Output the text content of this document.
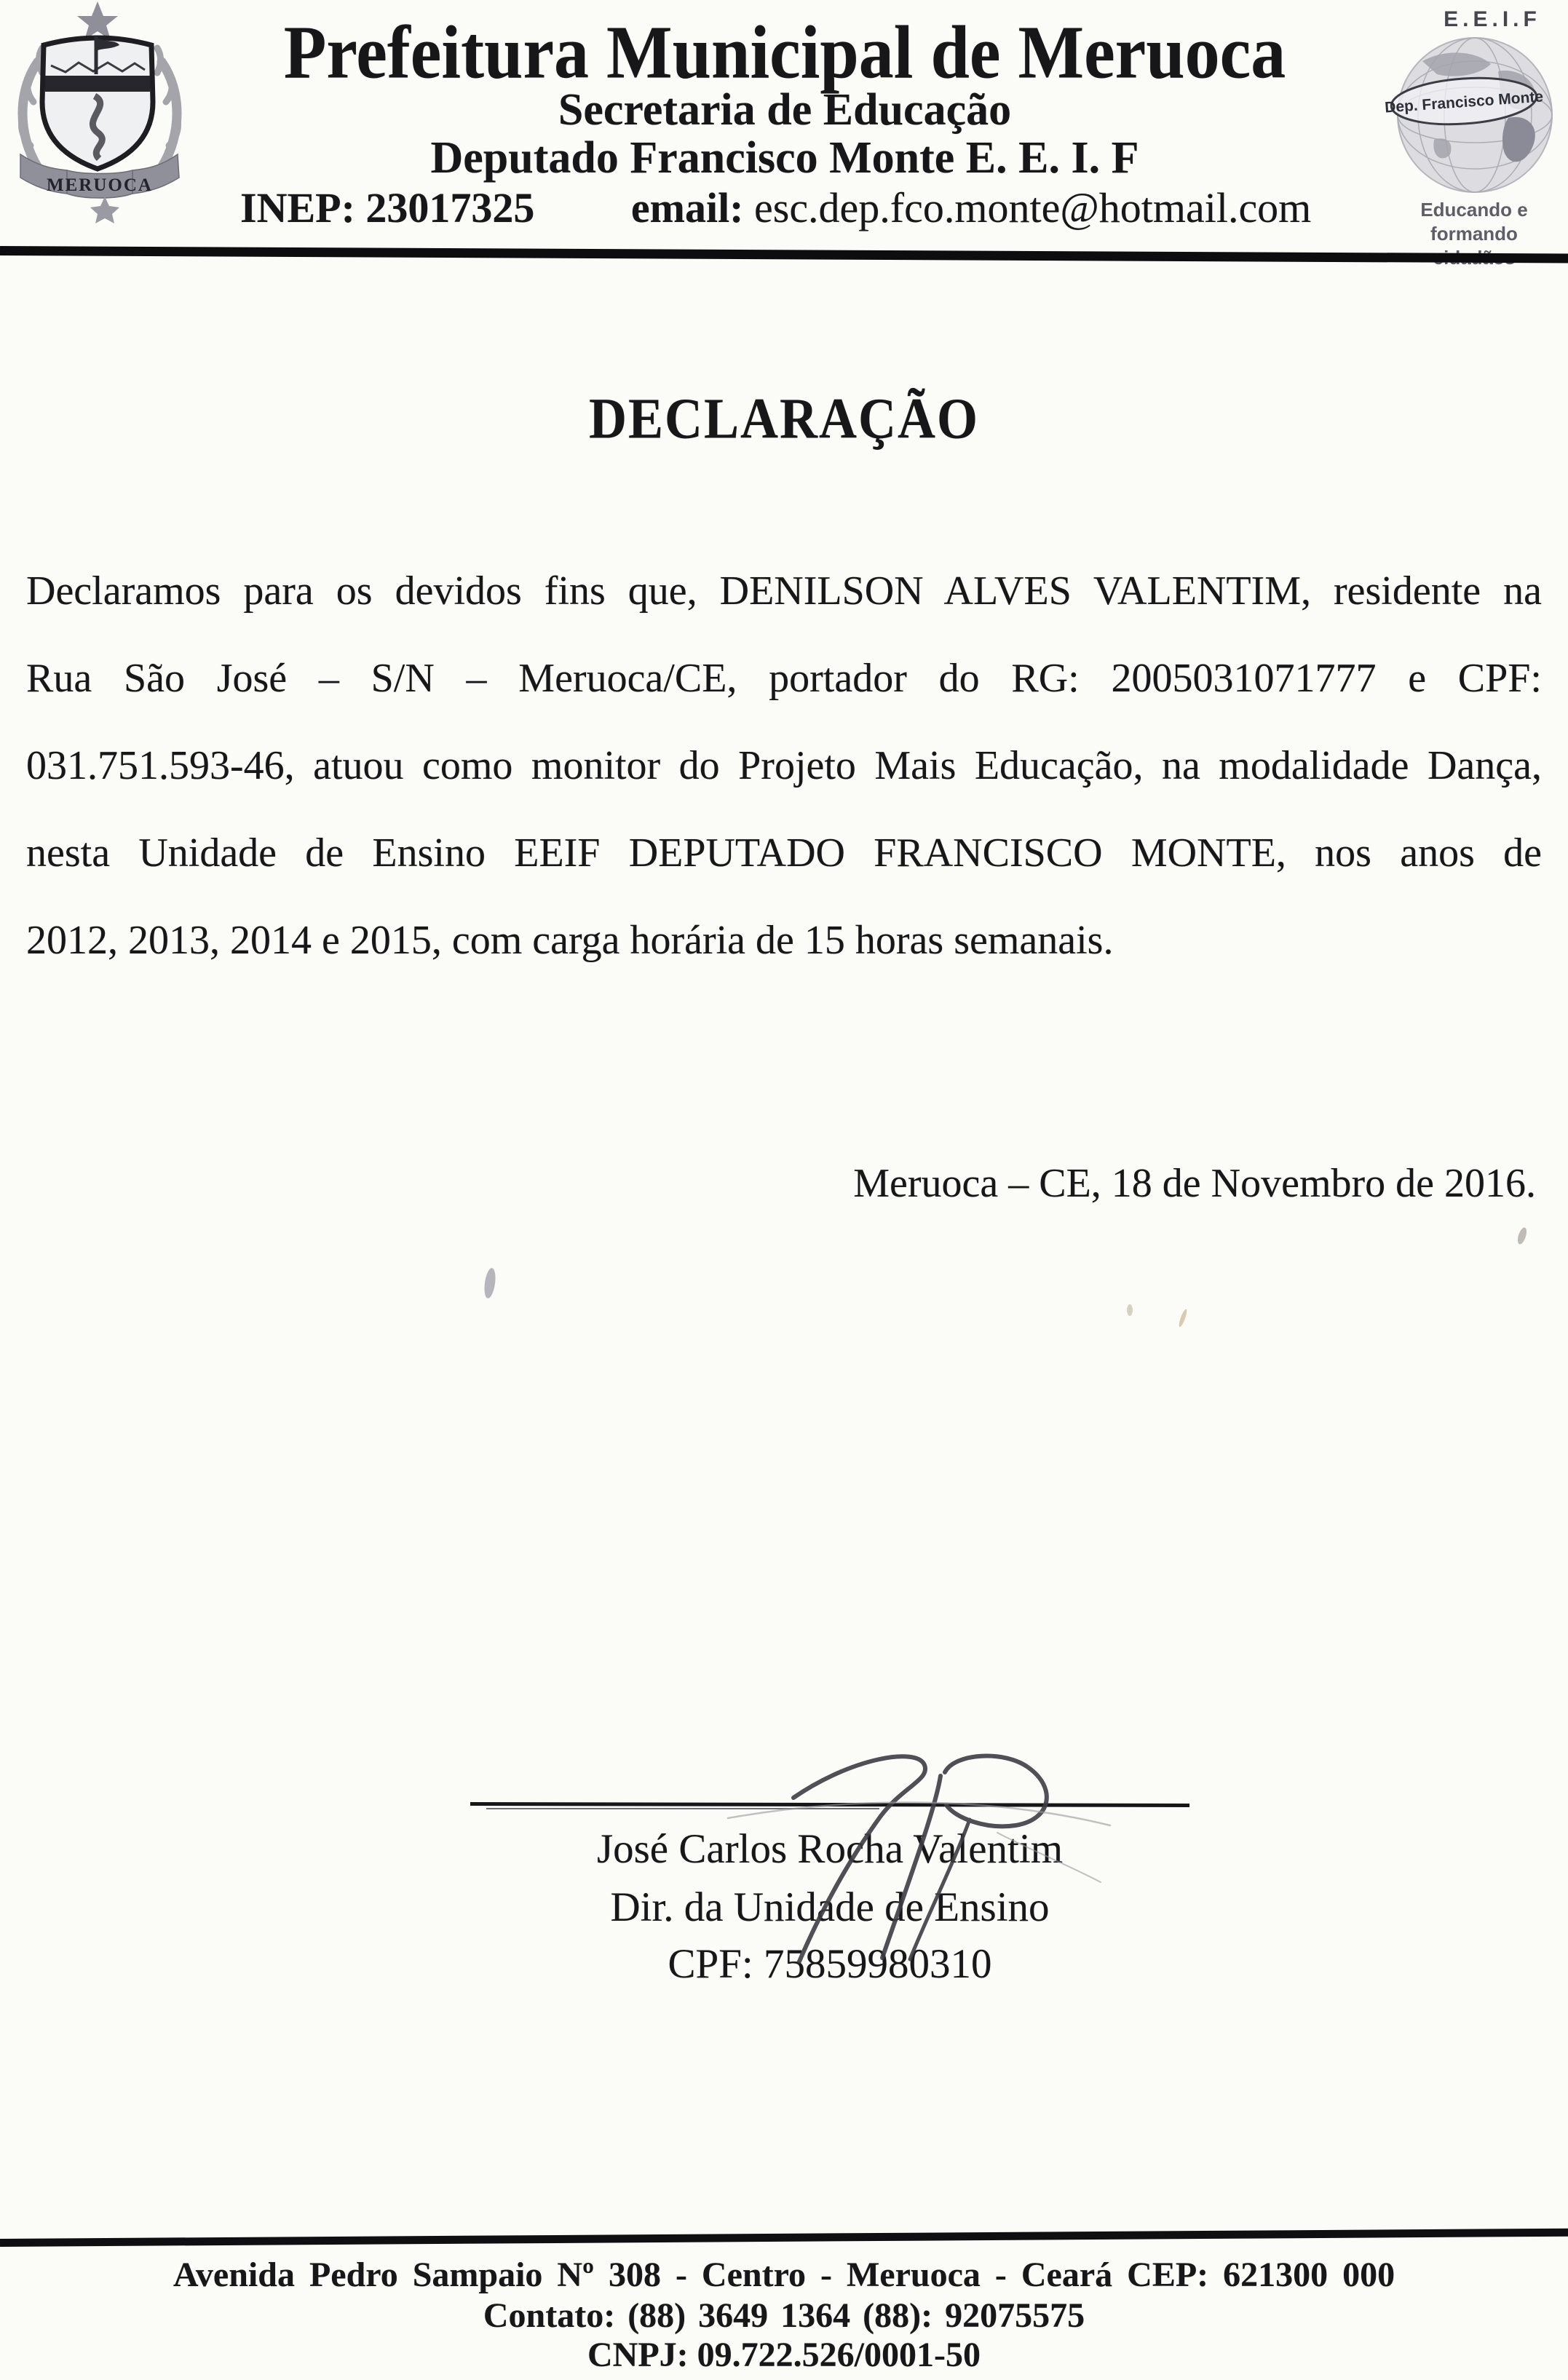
MERUOCA
Prefeitura Municipal de Meruoca
Secretaria de Educação
Deputado Francisco Monte E. E. I. F
INEP: 23017325 email: esc.dep.fco.monte@hotmail.com
E.E.I.F
Dep. Francisco Monte
Educando e formando
DECLARAÇÃO
Declaramos para os devidos fins que, DENILSON ALVES VALENTIM, residente na
Rua São José – S/N – Meruoca/CE, portador do RG: 2005031071777 e CPF:
031.751.593-46, atuou como monitor do Projeto Mais Educação, na modalidade Dança,
nesta Unidade de Ensino EEIF DEPUTADO FRANCISCO MONTE, nos anos de
2012, 2013, 2014 e 2015, com carga horária de 15 horas semanais.
Meruoca – CE, 18 de Novembro de 2016.
José Carlos Rocha Valentim
Dir. da Unidade de Ensino
CPF: 75859980310
Avenida Pedro Sampaio Nº 308 - Centro - Meruoca - Ceará CEP: 621300 000
Contato: (88) 3649 1364 (88): 92075575
CNPJ: 09.722.526/0001-50
